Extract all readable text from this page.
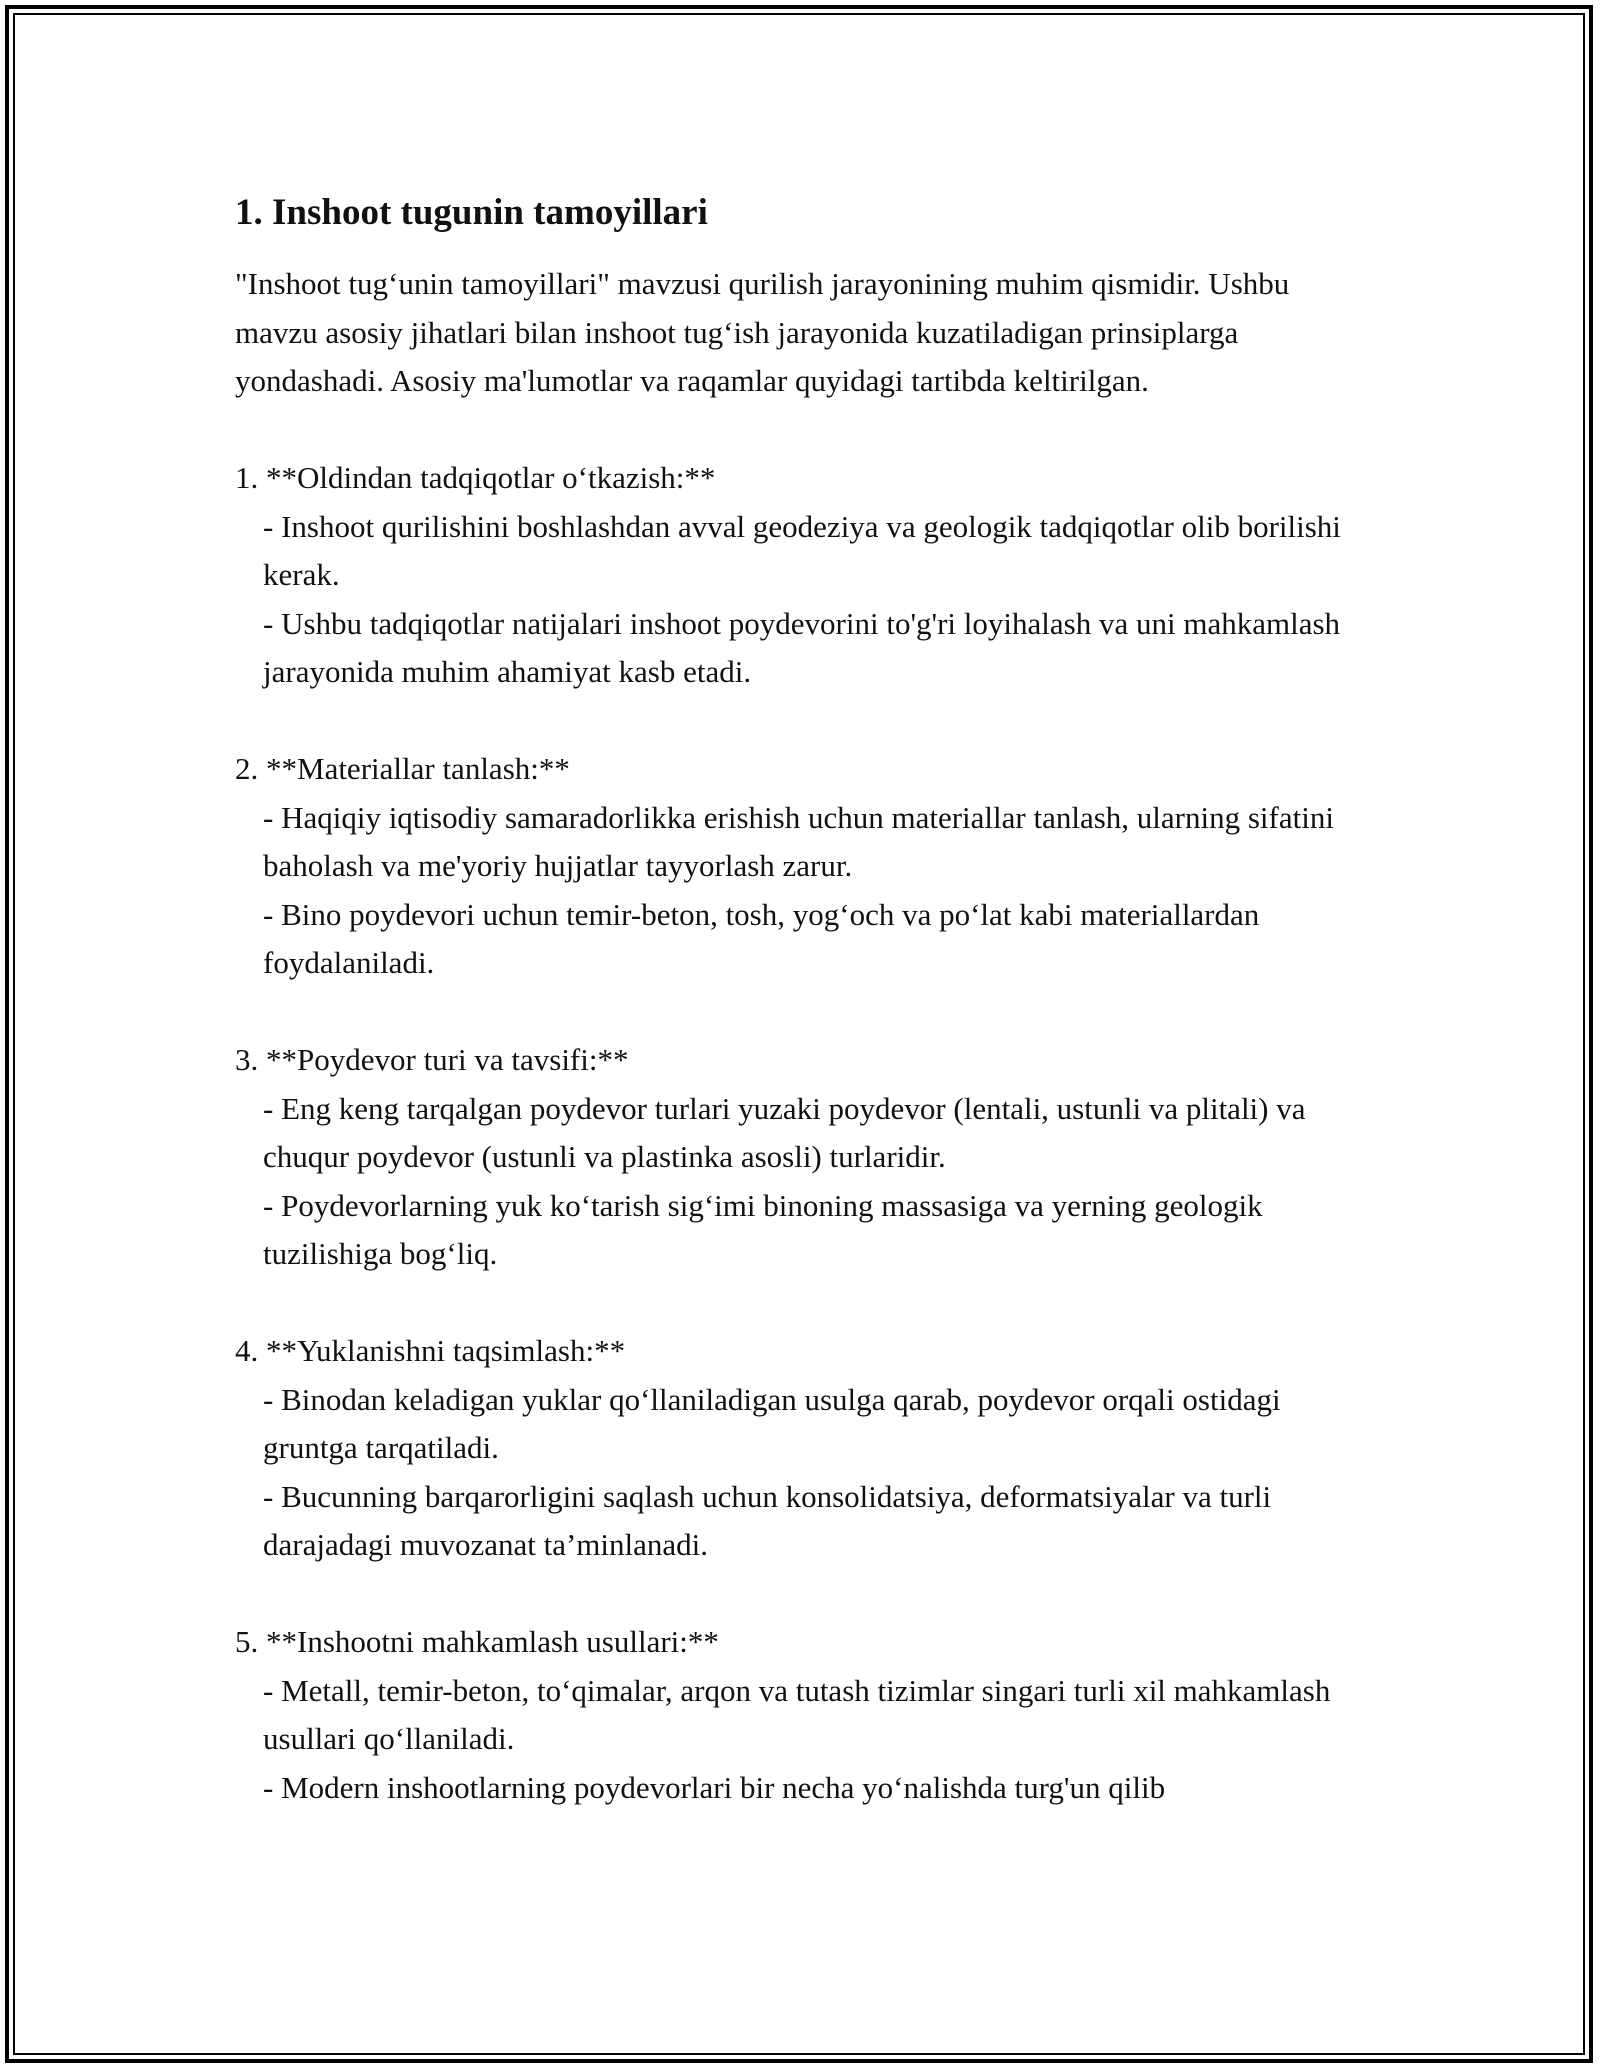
1. Inshoot tugunin tamoyillari

"Inshoot tug‘unin tamoyillari" mavzusi qurilish jarayonining muhim qismidir. Ushbu mavzu asosiy jihatlari bilan inshoot tug‘ish jarayonida kuzatiladigan prinsiplarga yondashadi. Asosiy ma'lumotlar va raqamlar quyidagi tartibda keltirilgan.

1. **Oldindan tadqiqotlar o‘tkazish:**

- Inshoot qurilishini boshlashdan avval geodeziya va geologik tadqiqotlar olib borilishi kerak.

- Ushbu tadqiqotlar natijalari inshoot poydevorini to'g'ri loyihalash va uni mahkamlash jarayonida muhim ahamiyat kasb etadi.

2. **Materiallar tanlash:**

- Haqiqiy iqtisodiy samaradorlikka erishish uchun materiallar tanlash, ularning sifatini baholash va me'yoriy hujjatlar tayyorlash zarur.

- Bino poydevori uchun temir-beton, tosh, yog‘och va po‘lat kabi materiallardan foydalaniladi.

3. **Poydevor turi va tavsifi:**

- Eng keng tarqalgan poydevor turlari yuzaki poydevor (lentali, ustunli va plitali) va chuqur poydevor (ustunli va plastinka asosli) turlaridir.

- Poydevorlarning yuk ko‘tarish sig‘imi binoning massasiga va yerning geologik tuzilishiga bog‘liq.

4. **Yuklanishni taqsimlash:**

- Binodan keladigan yuklar qo‘llaniladigan usulga qarab, poydevor orqali ostidagi gruntga tarqatiladi.

- Bucunning barqarorligini saqlash uchun konsolidatsiya, deformatsiyalar va turli darajadagi muvozanat ta’minlanadi.

5. **Inshootni mahkamlash usullari:**

- Metall, temir-beton, to‘qimalar, arqon va tutash tizimlar singari turli xil mahkamlash usullari qo‘llaniladi.

- Modern inshootlarning poydevorlari bir necha yo‘nalishda turg'un qilib
